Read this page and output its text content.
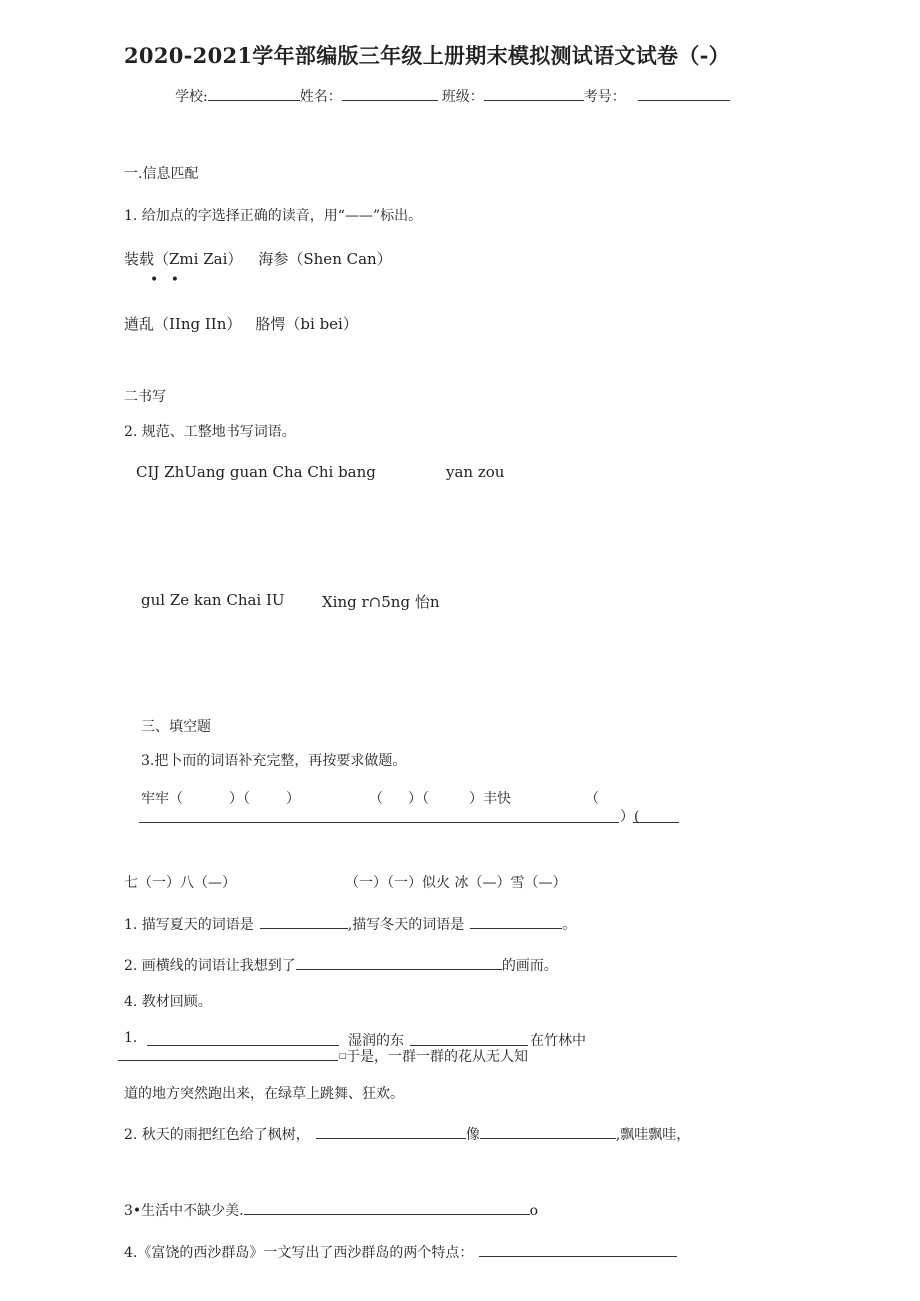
2020-2021学年部编版三年级上册期末模拟测试语文试卷（-）
学校:	姓名：	班级：	考号：
一.信息匹配
1. 给加点的字选择正确的读音，用“——”标出。
装载（Zmi Zai） 海参（Shen Can）
• •
遒乱（IIng IIn） 胳愕（bi bei）
二书写
2. 规范、工整地书写词语。
CIJ ZhUang guan Cha Chi bang	yan zou
gul Ze kan Chai IU Xing r∩5ng 怡n
三、填空题
3.把卜而的词语补充完整，再按要求做题。
牢牢（	）（	）	（ ）（	）丰快	（
）(
七（一）八（—）	（一）（一）似火 冰（—）雪（—）
1. 描写夏天的词语是	,描写冬天的词语是	。
2. 画横线的词语让我想到了	的画而。
4. 教材回顾。
1.	湿润的东	在竹林中
□ 于是，一群一群的花从无人知
道的地方突然跑出来，在绿草上跳舞、狂欢。
2. 秋天的雨把红色给了枫树，	像	,飘哇飘哇，
3•生活中不缺少美.	o
4.《富饶的西沙群岛》一文写出了西沙群岛的两个特点：
